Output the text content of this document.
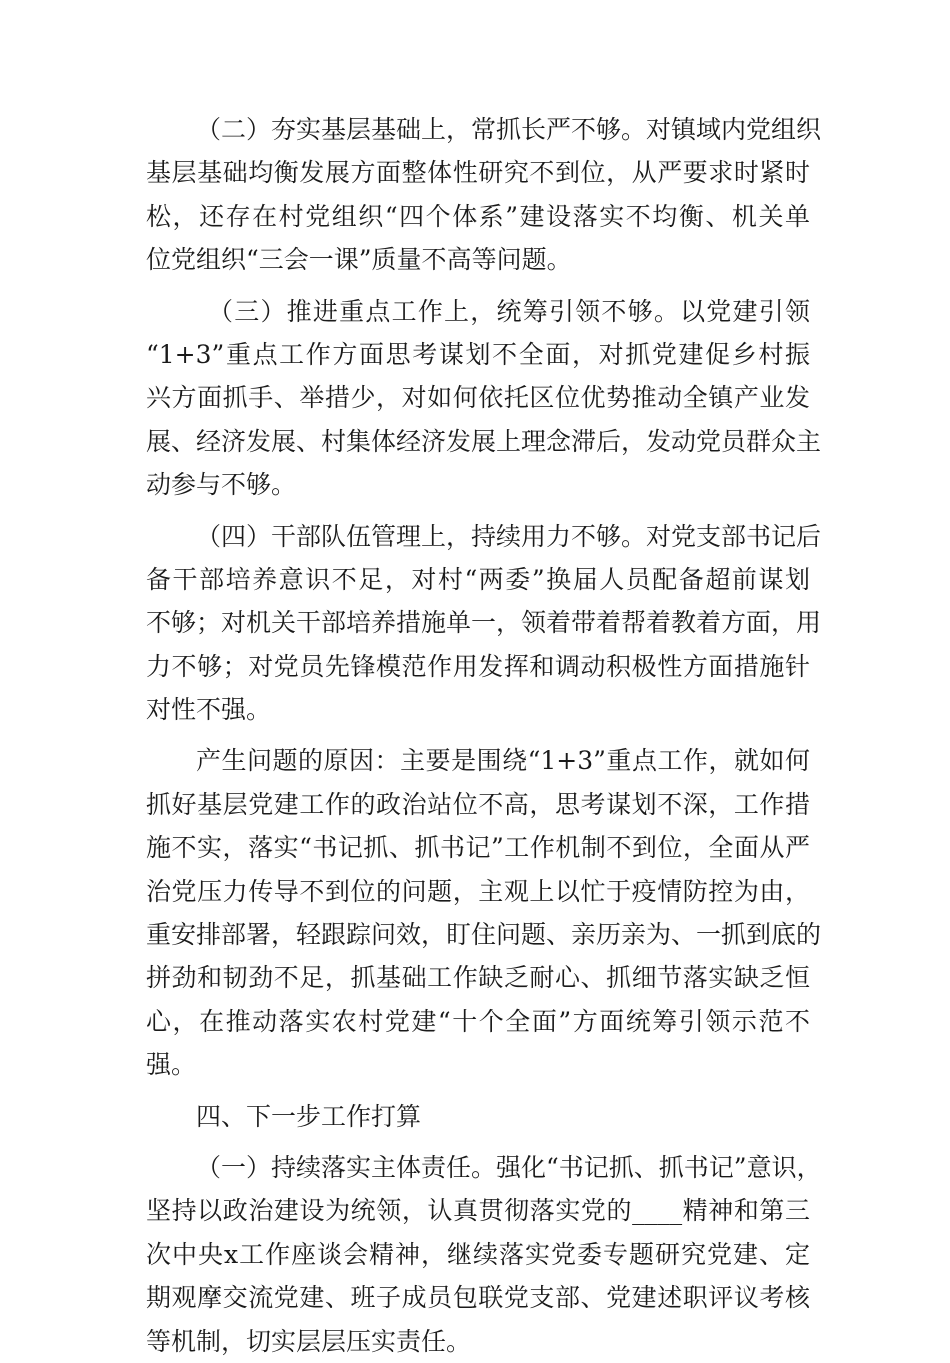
（二）夯实基层基础上，常抓长严不够。对镇域内党组织
基层基础均衡发展方面整体性研究不到位，从严要求时紧时
松，还存在村党组织“四个体系”建设落实不均衡、机关单
位党组织“三会一课”质量不高等问题。
（三）推进重点工作上，统筹引领不够。以党建引领
“1+3”重点工作方面思考谋划不全面，对抓党建促乡村振
兴方面抓手、举措少，对如何依托区位优势推动全镇产业发
展、经济发展、村集体经济发展上理念滞后，发动党员群众主
动参与不够。
（四）干部队伍管理上，持续用力不够。对党支部书记后
备干部培养意识不足，对村“两委”换届人员配备超前谋划
不够；对机关干部培养措施单一，领着带着帮着教着方面，用
力不够；对党员先锋模范作用发挥和调动积极性方面措施针
对性不强。
产生问题的原因：主要是围绕“1+3”重点工作，就如何
抓好基层党建工作的政治站位不高，思考谋划不深，工作措
施不实，落实“书记抓、抓书记”工作机制不到位，全面从严
治党压力传导不到位的问题，主观上以忙于疫情防控为由，
重安排部署，轻跟踪问效，盯住问题、亲历亲为、一抓到底的
拼劲和韧劲不足，抓基础工作缺乏耐心、抓细节落实缺乏恒
心，在推动落实农村党建“十个全面”方面统筹引领示范不
强。
四、下一步工作打算
（一）持续落实主体责任。强化“书记抓、抓书记”意识，
坚持以政治建设为统领，认真贯彻落实党的____精神和第三
次中央x工作座谈会精神，继续落实党委专题研究党建、定
期观摩交流党建、班子成员包联党支部、党建述职评议考核
等机制，切实层层压实责任。
